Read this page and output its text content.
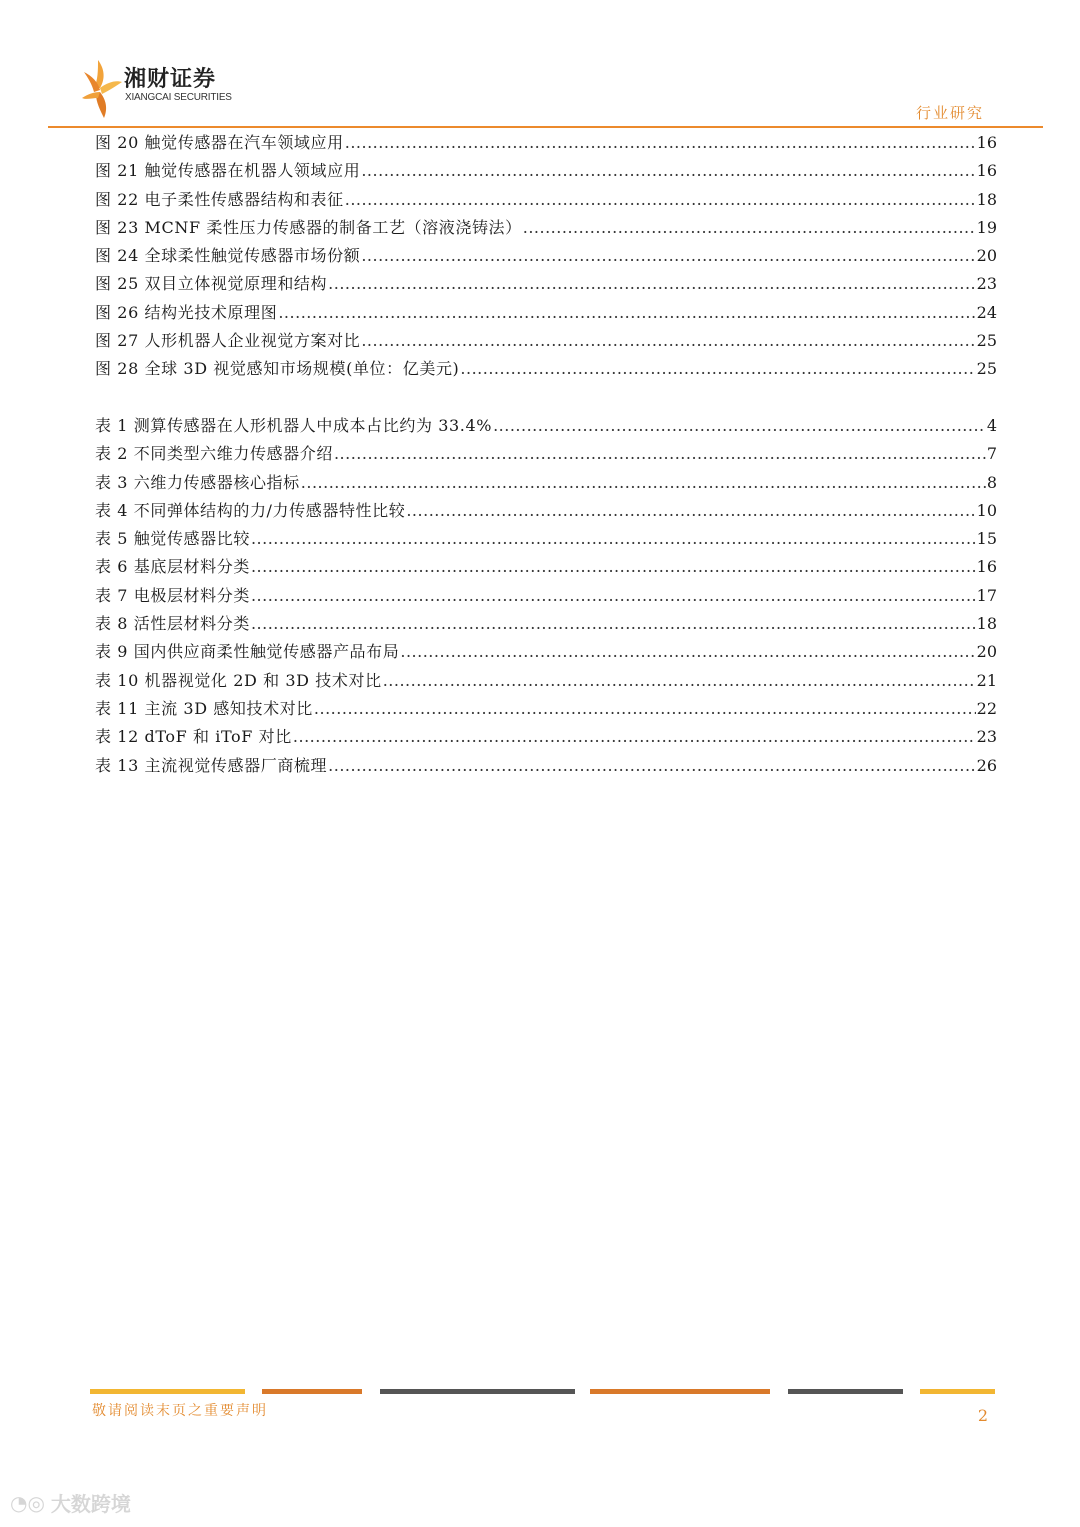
湘财证券
XIANGCAI SECURITIES
行业研究
图 20 触觉传感器在汽车领域应用 .....	16
图 21 触觉传感器在机器人领域应用 .....	16
图 22 电子柔性传感器结构和表征 .....	18
图 23 MCNF 柔性压力传感器的制备工艺（溶液浇铸法） .....	19
图 24 全球柔性触觉传感器市场份额 .....	20
图 25 双目立体视觉原理和结构 .....	23
图 26 结构光技术原理图 .....	24
图 27 人形机器人企业视觉方案对比 .....	25
图 28 全球 3D 视觉感知市场规模(单位：亿美元) .....	25
表 1 测算传感器在人形机器人中成本占比约为 33.4% .....	4
表 2 不同类型六维力传感器介绍 .....	7
表 3 六维力传感器核心指标 .....	8
表 4 不同弹体结构的力/力传感器特性比较 .....	10
表 5 触觉传感器比较 .....	15
表 6 基底层材料分类 .....	16
表 7 电极层材料分类 .....	17
表 8 活性层材料分类 .....	18
表 9 国内供应商柔性触觉传感器产品布局 .....	20
表 10 机器视觉化 2D 和 3D 技术对比 .....	21
表 11 主流 3D 感知技术对比 .....	22
表 12 dToF 和 iToF 对比 .....	23
表 13 主流视觉传感器厂商梳理 .....	26
敬请阅读末页之重要声明	2
◔◎ 大数跨境
